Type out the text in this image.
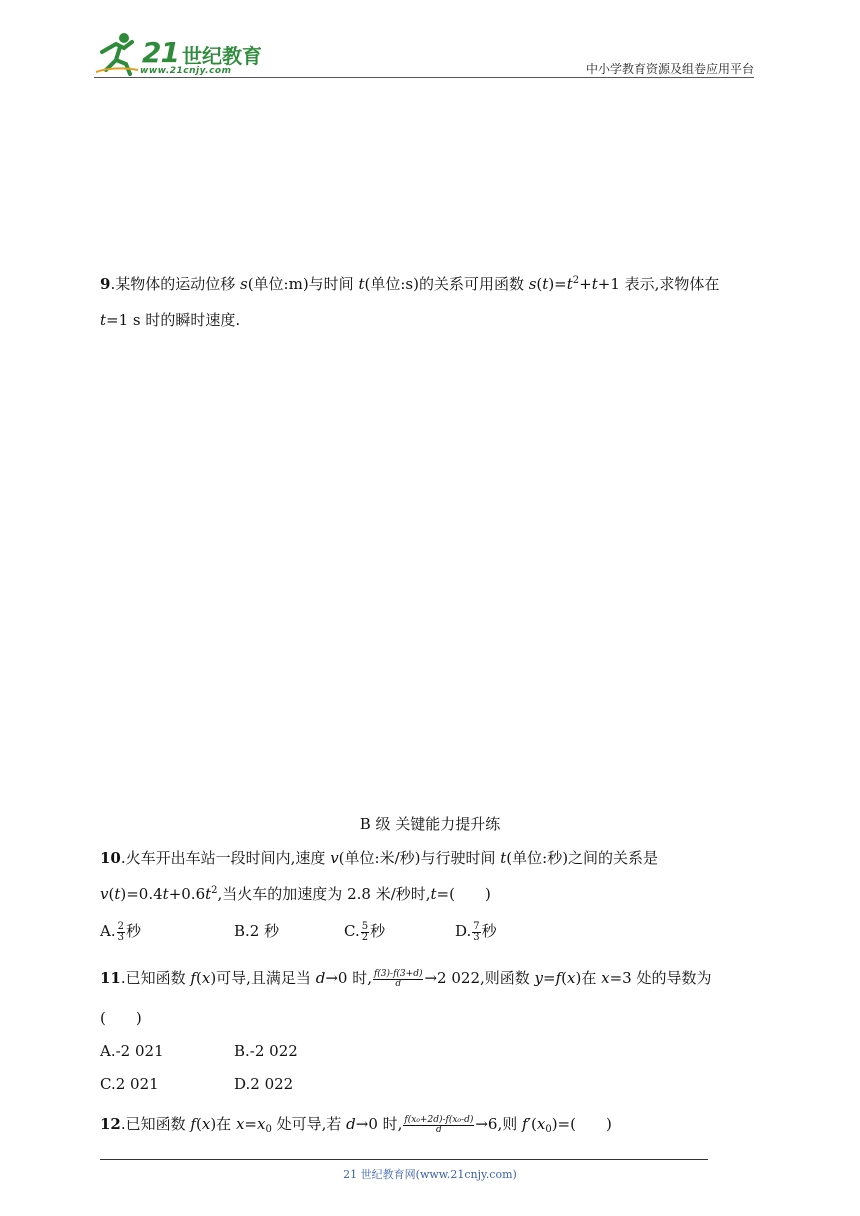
21 世纪教育
www.21cnjy.com	中小学教育资源及组卷应用平台
9.某物体的运动位移 s(单位:m)与时间 t(单位:s)的关系可用函数 $s(t)=t^2+t+1$ 表示,求物体在
t=1 s 时的瞬时速度.
B 级 关键能力提升练
10.火车开出车站一段时间内,速度 v(单位:米/秒)与行驶时间 t(单位:秒)之间的关系是
$v(t)=0.4t+0.6t^2$,当火车的加速度为 2.8 米/秒时,t=(　　)
A. $\frac{2}{3}$ 秒	B.2 秒	C. $\frac{5}{2}$ 秒	D. $\frac{7}{3}$ 秒
11.已知函数 f(x)可导,且满足当 d→0 时, $\frac{f(3)-f(3+d)}{d} \to 2$ 022,则函数 y=f(x)在 x=3 处的导数为
(　　)
A.-2 021	B.-2 022
C.2 021	D.2 022
12.已知函数 f(x)在 $x=x_0$ 处可导,若 d→0 时, $\frac{\text{f(x₀+2d)-f(x₀-d)}}{d} \to 6$,则 $f'(x_0)=$(　　)
21 世纪教育网(www.21cnjy.com)
